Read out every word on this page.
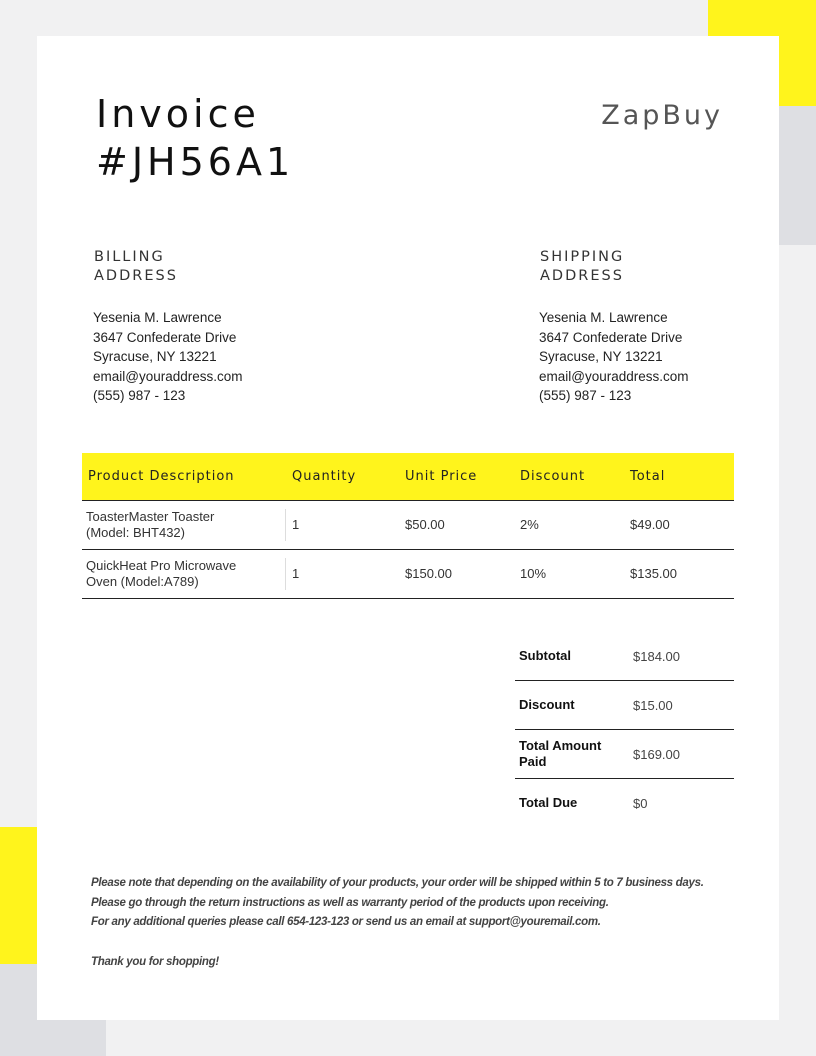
Invoice
#JH56A1
ZapBuy
BILLING
ADDRESS
Yesenia M. Lawrence
3647 Confederate Drive
Syracuse, NY 13221
email@youraddress.com
(555) 987 - 123
SHIPPING
ADDRESS
Yesenia M. Lawrence
3647 Confederate Drive
Syracuse, NY 13221
email@youraddress.com
(555) 987 - 123
Product Description	Quantity	Unit Price	Discount	Total
ToasterMaster Toaster
(Model: BHT432)
1	$50.00	2%	$49.00
QuickHeat Pro Microwave
Oven (Model:A789)
1	$150.00	10%	$135.00
Subtotal	$184.00
Discount	$15.00
Total Amount
Paid	$169.00
Total Due	$0
Please note that depending on the availability of your products, your order will be shipped within 5 to 7 business days.
Please go through the return instructions as well as warranty period of the products upon receiving.
For any additional queries please call 654-123-123 or send us an email at support@youremail.com.
Thank you for shopping!
